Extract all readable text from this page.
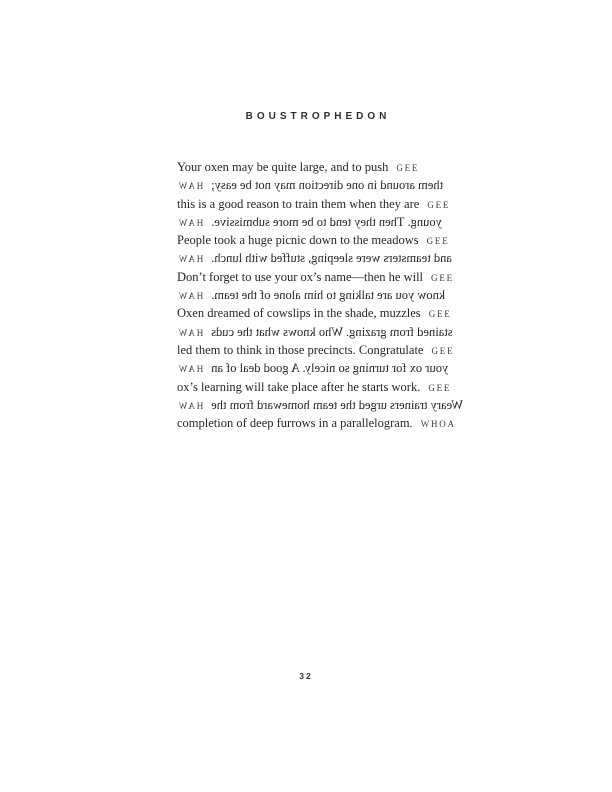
BOUSTROPHEDON
Your oxen may be quite large, and to push GEE
them around in one direction may not be easy;HAW
this is a good reason to train them when they are GEE
young. Then they tend to be more submissive.HAW
People took a huge picnic down to the meadows GEE
and teamsters were sleeping, stuffed with lunch.HAW
Don’t forget to use your ox’s name—then he will GEE
know you are talking to him alone of the team.HAW
Oxen dreamed of cowslips in the shade, muzzles GEE
stained from grazing. Who knows what the cudsHAW
led them to think in those precincts. Congratulate GEE
your ox for turning so nicely. A good deal of anHAW
ox’s learning will take place after he starts work. GEE
Weary trainers urged the team homeward from theHAW
completion of deep furrows in a parallelogram. WHOA
32
